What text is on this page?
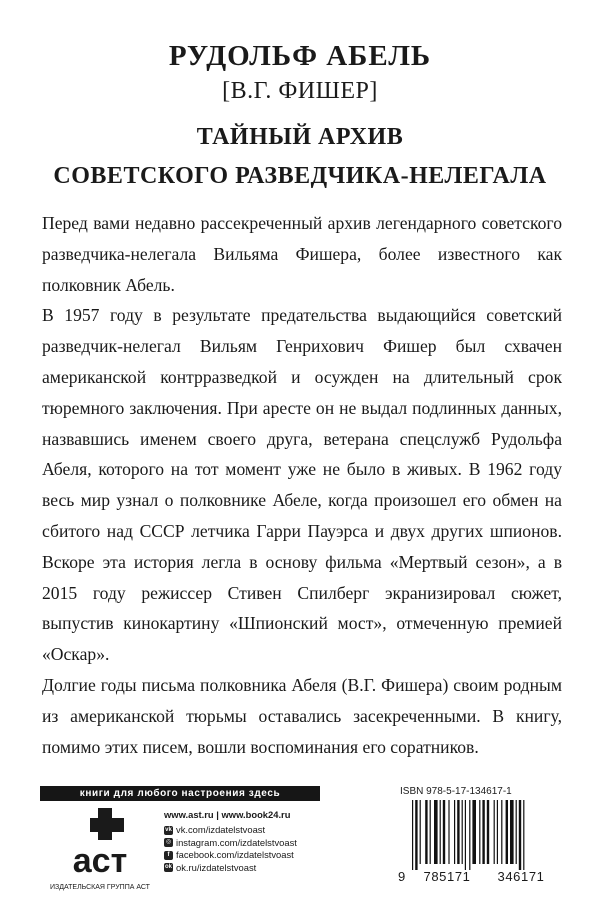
РУДОЛЬФ АБЕЛЬ
[В.Г. ФИШЕР]
ТАЙНЫЙ АРХИВ
СОВЕТСКОГО РАЗВЕДЧИКА-НЕЛЕГАЛА

Перед вами недавно рассекреченный архив легендарного советского разведчика-нелегала Вильяма Фишера, более известного как полковник Абель.

В 1957 году в результате предательства выдающийся советский разведчик-нелегал Вильям Генрихович Фишер был схвачен американской контрразведкой и осужден на длительный срок тюремного заключения. При аресте он не выдал подлинных данных, назвавшись именем своего друга, ветерана спецслужб Рудольфа Абеля, которого на тот момент уже не было в живых. В 1962 году весь мир узнал о полковнике Абеле, когда произошел его обмен на сбитого над СССР летчика Гарри Пауэрса и двух других шпионов. Вскоре эта история легла в основу фильма «Мертвый сезон», а в 2015 году режиссер Стивен Спилберг экранизировал сюжет, выпустив кинокартину «Шпионский мост», отмеченную премией «Оскар».

Долгие годы письма полковника Абеля (В.Г. Фишера) своим родным из американской тюрьмы оставались засекреченными. В книгу, помимо этих писем, вошли воспоминания его соратников.

книги для любого настроения здесь
аст
ИЗДАТЕЛЬСКАЯ ГРУППА АСТ
www.ast.ru | www.book24.ru
vk vk.com/izdatelstvoast
◎ instagram.com/izdatelstvoast
f facebook.com/izdatelstvoast
ok ok.ru/izdatelstvoast
ISBN 978-5-17-134617-1
9 785171 346171
